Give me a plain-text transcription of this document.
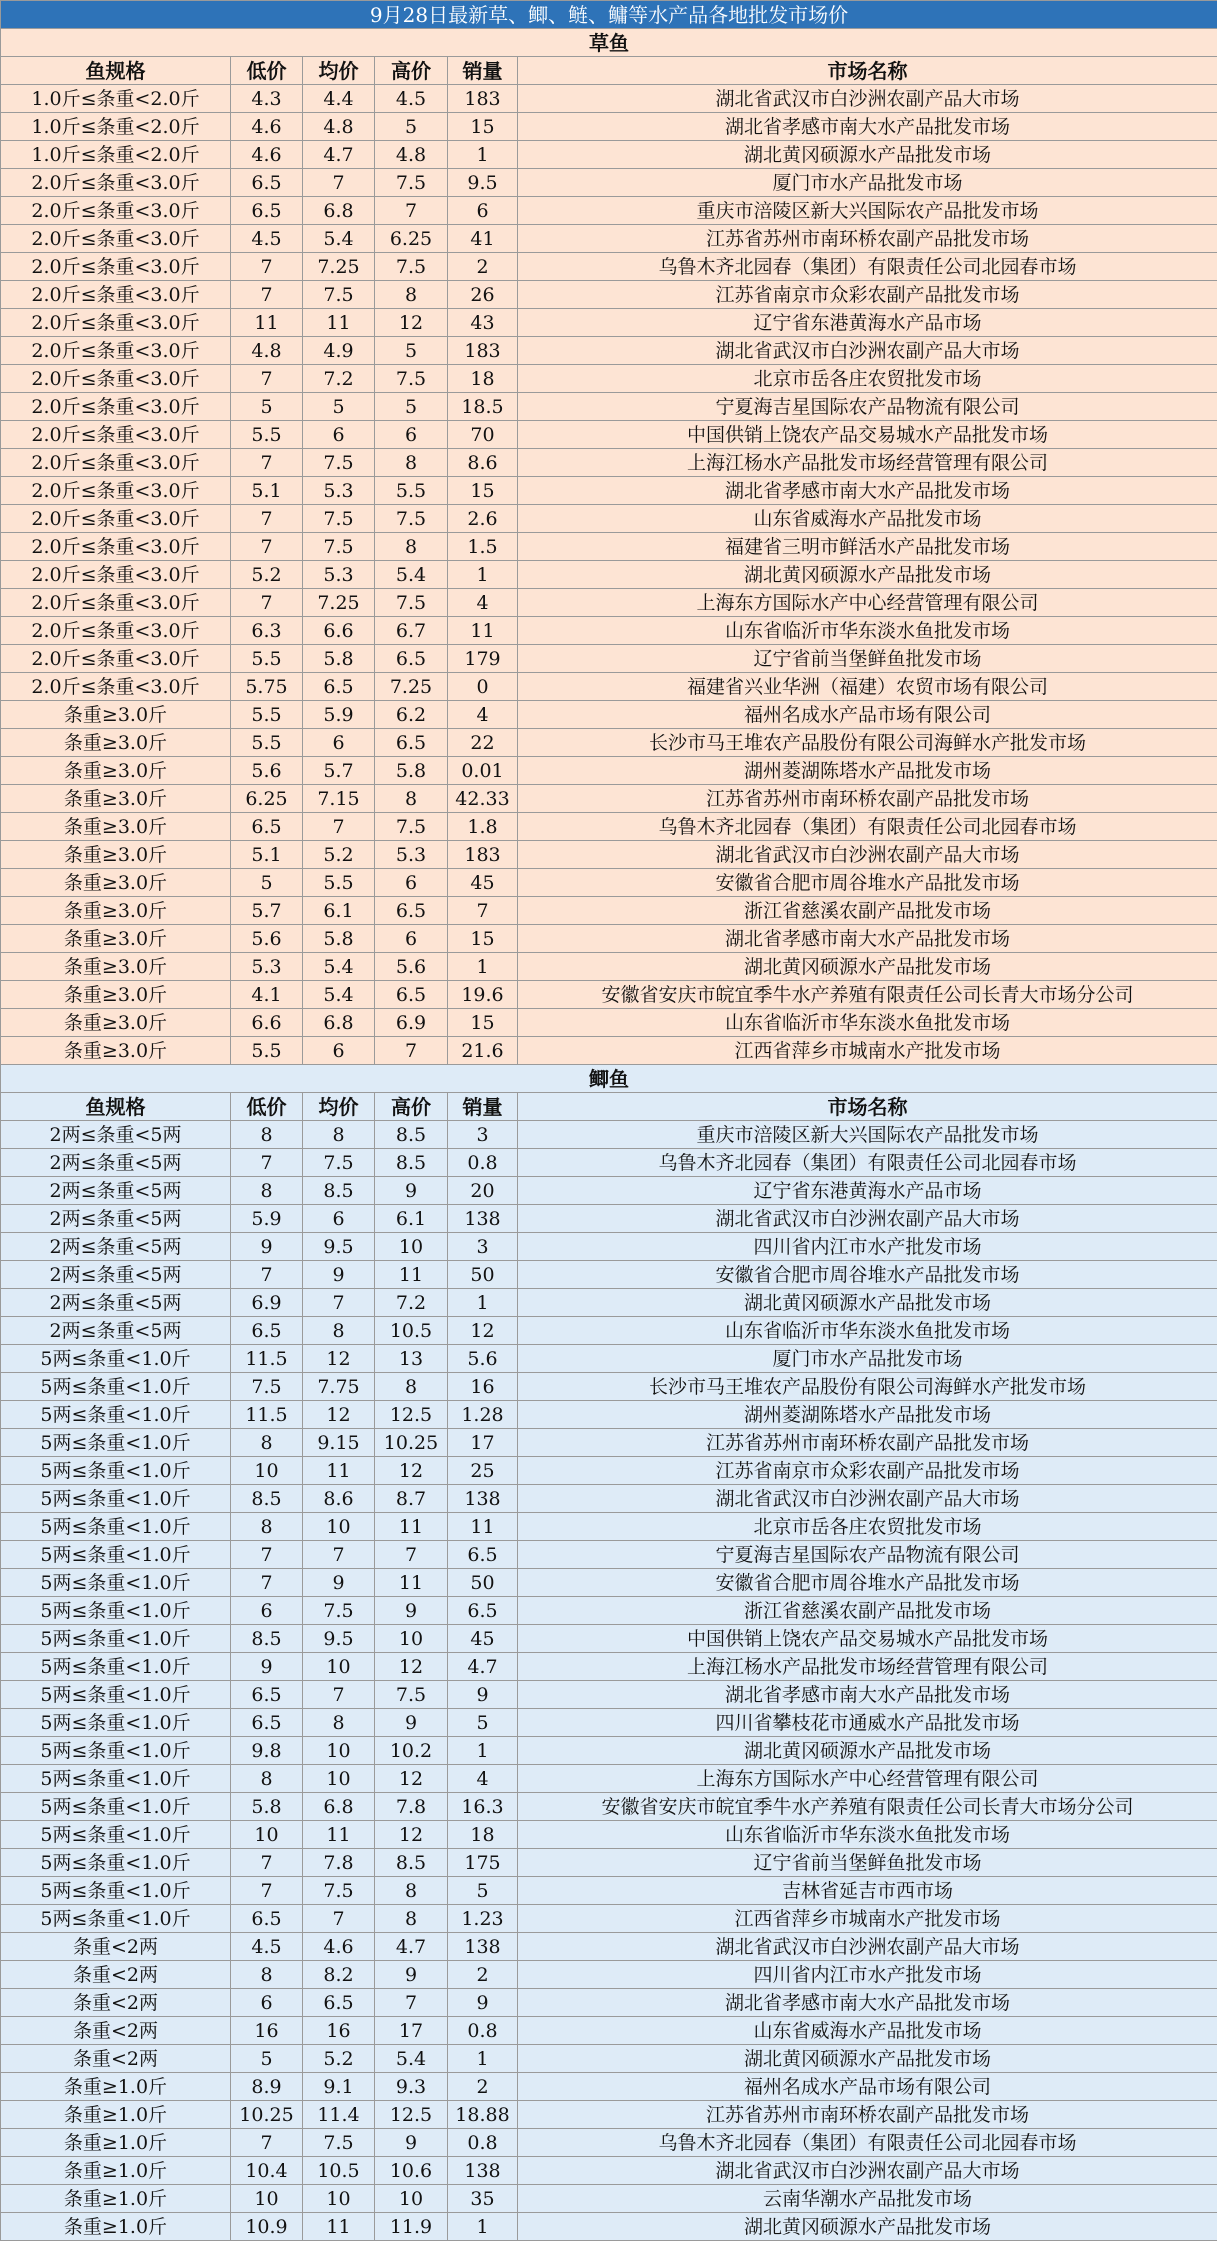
9月28日最新草、鲫、鲢、鳙等水产品各地批发市场价					
草鱼					
鱼规格	低价	均价	高价	销量	市场名称
1.0斤≤条重<2.0斤	4.3	4.4	4.5	183	湖北省武汉市白沙洲农副产品大市场
1.0斤≤条重<2.0斤	4.6	4.8	5	15	湖北省孝感市南大水产品批发市场
1.0斤≤条重<2.0斤	4.6	4.7	4.8	1	湖北黄冈硕源水产品批发市场
2.0斤≤条重<3.0斤	6.5	7	7.5	9.5	厦门市水产品批发市场
2.0斤≤条重<3.0斤	6.5	6.8	7	6	重庆市涪陵区新大兴国际农产品批发市场
2.0斤≤条重<3.0斤	4.5	5.4	6.25	41	江苏省苏州市南环桥农副产品批发市场
2.0斤≤条重<3.0斤	7	7.25	7.5	2	乌鲁木齐北园春（集团）有限责任公司北园春市场
2.0斤≤条重<3.0斤	7	7.5	8	26	江苏省南京市众彩农副产品批发市场
2.0斤≤条重<3.0斤	11	11	12	43	辽宁省东港黄海水产品市场
2.0斤≤条重<3.0斤	4.8	4.9	5	183	湖北省武汉市白沙洲农副产品大市场
2.0斤≤条重<3.0斤	7	7.2	7.5	18	北京市岳各庄农贸批发市场
2.0斤≤条重<3.0斤	5	5	5	18.5	宁夏海吉星国际农产品物流有限公司
2.0斤≤条重<3.0斤	5.5	6	6	70	中国供销上饶农产品交易城水产品批发市场
2.0斤≤条重<3.0斤	7	7.5	8	8.6	上海江杨水产品批发市场经营管理有限公司
2.0斤≤条重<3.0斤	5.1	5.3	5.5	15	湖北省孝感市南大水产品批发市场
2.0斤≤条重<3.0斤	7	7.5	7.5	2.6	山东省威海水产品批发市场
2.0斤≤条重<3.0斤	7	7.5	8	1.5	福建省三明市鲜活水产品批发市场
2.0斤≤条重<3.0斤	5.2	5.3	5.4	1	湖北黄冈硕源水产品批发市场
2.0斤≤条重<3.0斤	7	7.25	7.5	4	上海东方国际水产中心经营管理有限公司
2.0斤≤条重<3.0斤	6.3	6.6	6.7	11	山东省临沂市华东淡水鱼批发市场
2.0斤≤条重<3.0斤	5.5	5.8	6.5	179	辽宁省前当堡鲜鱼批发市场
2.0斤≤条重<3.0斤	5.75	6.5	7.25	0	福建省兴业华洲（福建）农贸市场有限公司
条重≥3.0斤	5.5	5.9	6.2	4	福州名成水产品市场有限公司
条重≥3.0斤	5.5	6	6.5	22	长沙市马王堆农产品股份有限公司海鲜水产批发市场
条重≥3.0斤	5.6	5.7	5.8	0.01	湖州菱湖陈塔水产品批发市场
条重≥3.0斤	6.25	7.15	8	42.33	江苏省苏州市南环桥农副产品批发市场
条重≥3.0斤	6.5	7	7.5	1.8	乌鲁木齐北园春（集团）有限责任公司北园春市场
条重≥3.0斤	5.1	5.2	5.3	183	湖北省武汉市白沙洲农副产品大市场
条重≥3.0斤	5	5.5	6	45	安徽省合肥市周谷堆水产品批发市场
条重≥3.0斤	5.7	6.1	6.5	7	浙江省慈溪农副产品批发市场
条重≥3.0斤	5.6	5.8	6	15	湖北省孝感市南大水产品批发市场
条重≥3.0斤	5.3	5.4	5.6	1	湖北黄冈硕源水产品批发市场
条重≥3.0斤	4.1	5.4	6.5	19.6	安徽省安庆市皖宜季牛水产养殖有限责任公司长青大市场分公司
条重≥3.0斤	6.6	6.8	6.9	15	山东省临沂市华东淡水鱼批发市场
条重≥3.0斤	5.5	6	7	21.6	江西省萍乡市城南水产批发市场
鲫鱼					
鱼规格	低价	均价	高价	销量	市场名称
2两≤条重<5两	8	8	8.5	3	重庆市涪陵区新大兴国际农产品批发市场
2两≤条重<5两	7	7.5	8.5	0.8	乌鲁木齐北园春（集团）有限责任公司北园春市场
2两≤条重<5两	8	8.5	9	20	辽宁省东港黄海水产品市场
2两≤条重<5两	5.9	6	6.1	138	湖北省武汉市白沙洲农副产品大市场
2两≤条重<5两	9	9.5	10	3	四川省内江市水产批发市场
2两≤条重<5两	7	9	11	50	安徽省合肥市周谷堆水产品批发市场
2两≤条重<5两	6.9	7	7.2	1	湖北黄冈硕源水产品批发市场
2两≤条重<5两	6.5	8	10.5	12	山东省临沂市华东淡水鱼批发市场
5两≤条重<1.0斤	11.5	12	13	5.6	厦门市水产品批发市场
5两≤条重<1.0斤	7.5	7.75	8	16	长沙市马王堆农产品股份有限公司海鲜水产批发市场
5两≤条重<1.0斤	11.5	12	12.5	1.28	湖州菱湖陈塔水产品批发市场
5两≤条重<1.0斤	8	9.15	10.25	17	江苏省苏州市南环桥农副产品批发市场
5两≤条重<1.0斤	10	11	12	25	江苏省南京市众彩农副产品批发市场
5两≤条重<1.0斤	8.5	8.6	8.7	138	湖北省武汉市白沙洲农副产品大市场
5两≤条重<1.0斤	8	10	11	11	北京市岳各庄农贸批发市场
5两≤条重<1.0斤	7	7	7	6.5	宁夏海吉星国际农产品物流有限公司
5两≤条重<1.0斤	7	9	11	50	安徽省合肥市周谷堆水产品批发市场
5两≤条重<1.0斤	6	7.5	9	6.5	浙江省慈溪农副产品批发市场
5两≤条重<1.0斤	8.5	9.5	10	45	中国供销上饶农产品交易城水产品批发市场
5两≤条重<1.0斤	9	10	12	4.7	上海江杨水产品批发市场经营管理有限公司
5两≤条重<1.0斤	6.5	7	7.5	9	湖北省孝感市南大水产品批发市场
5两≤条重<1.0斤	6.5	8	9	5	四川省攀枝花市通威水产品批发市场
5两≤条重<1.0斤	9.8	10	10.2	1	湖北黄冈硕源水产品批发市场
5两≤条重<1.0斤	8	10	12	4	上海东方国际水产中心经营管理有限公司
5两≤条重<1.0斤	5.8	6.8	7.8	16.3	安徽省安庆市皖宜季牛水产养殖有限责任公司长青大市场分公司
5两≤条重<1.0斤	10	11	12	18	山东省临沂市华东淡水鱼批发市场
5两≤条重<1.0斤	7	7.8	8.5	175	辽宁省前当堡鲜鱼批发市场
5两≤条重<1.0斤	7	7.5	8	5	吉林省延吉市西市场
5两≤条重<1.0斤	6.5	7	8	1.23	江西省萍乡市城南水产批发市场
条重<2两	4.5	4.6	4.7	138	湖北省武汉市白沙洲农副产品大市场
条重<2两	8	8.2	9	2	四川省内江市水产批发市场
条重<2两	6	6.5	7	9	湖北省孝感市南大水产品批发市场
条重<2两	16	16	17	0.8	山东省威海水产品批发市场
条重<2两	5	5.2	5.4	1	湖北黄冈硕源水产品批发市场
条重≥1.0斤	8.9	9.1	9.3	2	福州名成水产品市场有限公司
条重≥1.0斤	10.25	11.4	12.5	18.88	江苏省苏州市南环桥农副产品批发市场
条重≥1.0斤	7	7.5	9	0.8	乌鲁木齐北园春（集团）有限责任公司北园春市场
条重≥1.0斤	10.4	10.5	10.6	138	湖北省武汉市白沙洲农副产品大市场
条重≥1.0斤	10	10	10	35	云南华潮水产品批发市场
条重≥1.0斤	10.9	11	11.9	1	湖北黄冈硕源水产品批发市场
